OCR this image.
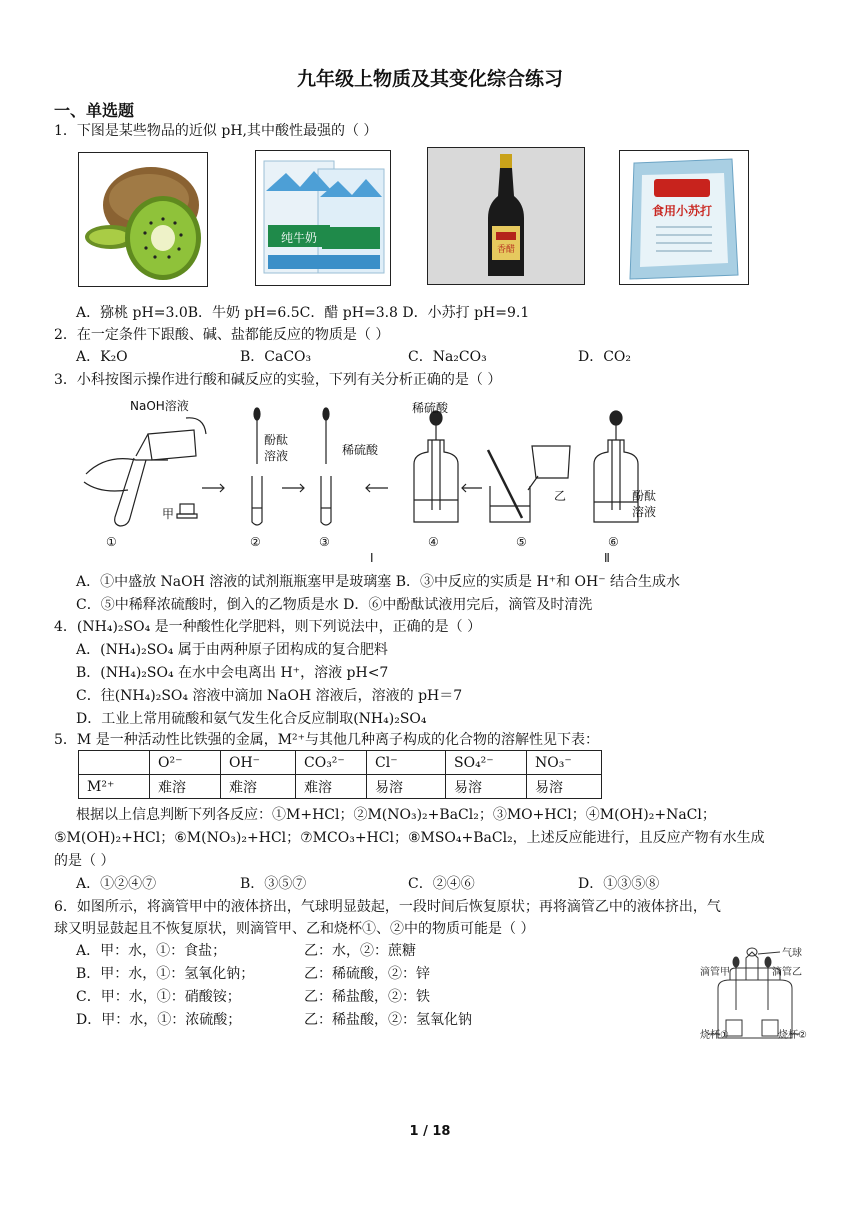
九年级上物质及其变化综合练习
一、单选题
1．下图是某些物品的近似 pH,其中酸性最强的（ ）
纯牛奶
香醋
食用小苏打
A．猕桃 pH=3.0B．牛奶 pH=6.5C．醋 pH=3.8 D．小苏打 pH=9.1
2．在一定条件下跟酸、碱、盐都能反应的物质是（ ）
A．K₂O	B．CaCO₃	C．Na₂CO₃	D．CO₂
3．小科按图示操作进行酸和碱反应的实验，下列有关分析正确的是（ ）
NaOH溶液
甲
酚酞
溶液	稀硫酸
稀硫酸
乙	酚酞
溶液
①	②	③	④	⑤	⑥
Ⅰ	Ⅱ
A．①中盛放 NaOH 溶液的试剂瓶瓶塞甲是玻璃塞 B．③中反应的实质是 H⁺和 OH⁻ 结合生成水
C．⑤中稀释浓硫酸时，倒入的乙物质是水 D．⑥中酚酞试液用完后，滴管及时清洗
4．(NH₄)₂SO₄ 是一种酸性化学肥料，则下列说法中，正确的是（ ）
A．(NH₄)₂SO₄ 属于由两种原子团构成的复合肥料
B．(NH₄)₂SO₄ 在水中会电离出 H⁺，溶液 pH<7
C．往(NH₄)₂SO₄ 溶液中滴加 NaOH 溶液后，溶液的 pH＝7
D．工业上常用硫酸和氨气发生化合反应制取(NH₄)₂SO₄
5．M 是一种活动性比铁强的金属，M²⁺与其他几种离子构成的化合物的溶解性见下表：
	O²⁻	OH⁻	CO₃²⁻	Cl⁻	SO₄²⁻	NO₃⁻
M²⁺	难溶	难溶	难溶	易溶	易溶	易溶
根据以上信息判断下列各反应：①M+HCl；②M(NO₃)₂+BaCl₂；③MO+HCl；④M(OH)₂+NaCl；
⑤M(OH)₂+HCl；⑥M(NO₃)₂+HCl；⑦MCO₃+HCl；⑧MSO₄+BaCl₂，上述反应能进行，且反应产物有水生成
的是（ ）
A．①②④⑦	B．③⑤⑦	C．②④⑥	D．①③⑤⑧
6．如图所示，将滴管甲中的液体挤出，气球明显鼓起，一段时间后恢复原状；再将滴管乙中的液体挤出，气
球又明显鼓起且不恢复原状，则滴管甲、乙和烧杯①、②中的物质可能是（ ）
A．甲：水，①：食盐；	乙：水，②：蔗糖
B．甲：水，①：氢氧化钠；	乙：稀硫酸，②：锌
C．甲：水，①：硝酸铵；	乙：稀盐酸，②：铁
D．甲：水，①：浓硫酸；	乙：稀盐酸，②：氢氧化钠
气球
滴管甲	滴管乙
烧杯①	烧杯②
1 / 18
